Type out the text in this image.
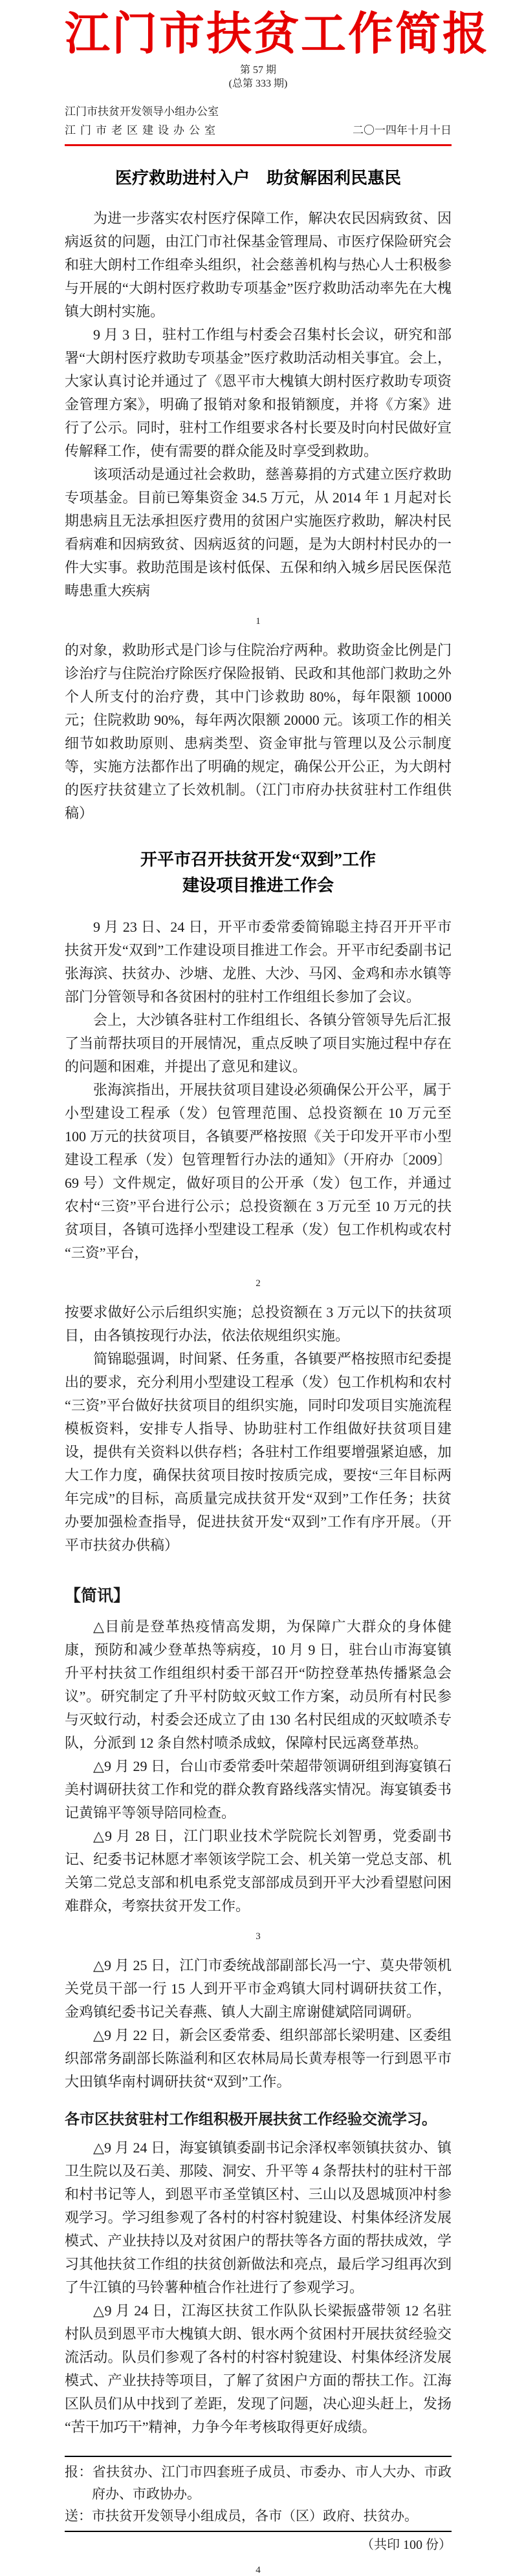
江门市扶贫工作简报
第 57 期
(总第 333 期)
江门市扶贫开发领导小组办公室
江门市老区建设办公室	二〇一四年十月十日
医疗救助进村入户　助贫解困利民惠民

为进一步落实农村医疗保障工作，解决农民因病致贫、因病返贫的问题，由江门市社保基金管理局、市医疗保险研究会和驻大朗村工作组牵头组织，社会慈善机构与热心人士积极参与开展的“大朗村医疗救助专项基金”医疗救助活动率先在大槐镇大朗村实施。

9 月 3 日，驻村工作组与村委会召集村长会议，研究和部署“大朗村医疗救助专项基金”医疗救助活动相关事宜。会上，大家认真讨论并通过了《恩平市大槐镇大朗村医疗救助专项资金管理方案》，明确了报销对象和报销额度，并将《方案》进行了公示。同时，驻村工作组要求各村长要及时向村民做好宣传解释工作，使有需要的群众能及时享受到救助。

该项活动是通过社会救助，慈善募捐的方式建立医疗救助专项基金。目前已筹集资金 34.5 万元，从 2014 年 1 月起对长期患病且无法承担医疗费用的贫困户实施医疗救助，解决村民看病难和因病致贫、因病返贫的问题，是为大朗村村民办的一件大实事。救助范围是该村低保、五保和纳入城乡居民医保范畴患重大疾病

1

的对象，救助形式是门诊与住院治疗两种。救助资金比例是门诊治疗与住院治疗除医疗保险报销、民政和其他部门救助之外个人所支付的治疗费，其中门诊救助 80%，每年限额 10000 元；住院救助 90%，每年两次限额 20000 元。该项工作的相关细节如救助原则、患病类型、资金审批与管理以及公示制度等，实施方法都作出了明确的规定，确保公开公正，为大朗村的医疗扶贫建立了长效机制。（江门市府办扶贫驻村工作组供稿）

开平市召开扶贫开发“双到”工作
建设项目推进工作会

9 月 23 日、24 日，开平市委常委简锦聪主持召开开平市扶贫开发“双到”工作建设项目推进工作会。开平市纪委副书记张海滨、扶贫办、沙塘、龙胜、大沙、马冈、金鸡和赤水镇等部门分管领导和各贫困村的驻村工作组组长参加了会议。

会上，大沙镇各驻村工作组组长、各镇分管领导先后汇报了当前帮扶项目的开展情况，重点反映了项目实施过程中存在的问题和困难，并提出了意见和建议。

张海滨指出，开展扶贫项目建设必须确保公开公平，属于小型建设工程承（发）包管理范围、总投资额在 10 万元至 100 万元的扶贫项目，各镇要严格按照《关于印发开平市小型建设工程承（发）包管理暂行办法的通知》（开府办〔2009〕69 号）文件规定，做好项目的公开承（发）包工作，并通过农村“三资”平台进行公示；总投资额在 3 万元至 10 万元的扶贫项目，各镇可选择小型建设工程承（发）包工作机构或农村“三资”平台，

2

按要求做好公示后组织实施；总投资额在 3 万元以下的扶贫项目，由各镇按现行办法，依法依规组织实施。

简锦聪强调，时间紧、任务重，各镇要严格按照市纪委提出的要求，充分利用小型建设工程承（发）包工作机构和农村“三资”平台做好扶贫项目的组织实施，同时印发项目实施流程模板资料，安排专人指导、协助驻村工作组做好扶贫项目建设，提供有关资料以供存档；各驻村工作组要增强紧迫感，加大工作力度，确保扶贫项目按时按质完成，要按“三年目标两年完成”的目标，高质量完成扶贫开发“双到”工作任务；扶贫办要加强检查指导，促进扶贫开发“双到”工作有序开展。（开平市扶贫办供稿）

【简讯】

△目前是登革热疫情高发期，为保障广大群众的身体健康，预防和减少登革热等病疫，10 月 9 日，驻台山市海宴镇升平村扶贫工作组组织村委干部召开“防控登革热传播紧急会议”。研究制定了升平村防蚊灭蚊工作方案，动员所有村民参与灭蚊行动，村委会还成立了由 130 名村民组成的灭蚊喷杀专队，分派到 12 条自然村喷杀成蚊，保障村民远离登革热。

△9 月 29 日，台山市委常委叶荣超带领调研组到海宴镇石美村调研扶贫工作和党的群众教育路线落实情况。海宴镇委书记黄锦平等领导陪同检查。

△9 月 28 日，江门职业技术学院院长刘智勇，党委副书记、纪委书记林愿才率领该学院工会、机关第一党总支部、机关第二党总支部和机电系党支部部成员到开平大沙看望慰问困难群众，考察扶贫开发工作。

3

△9 月 25 日，江门市委统战部副部长冯一宁、莫央带领机关党员干部一行 15 人到开平市金鸡镇大同村调研扶贫工作，金鸡镇纪委书记关春燕、镇人大副主席谢健斌陪同调研。

△9 月 22 日，新会区委常委、组织部部长梁明建、区委组织部常务副部长陈溢利和区农林局局长黄寿根等一行到恩平市大田镇华南村调研扶贫“双到”工作。

各市区扶贫驻村工作组积极开展扶贫工作经验交流学习。

△9 月 24 日，海宴镇镇委副书记余泽权率领镇扶贫办、镇卫生院以及石美、那陵、洞安、升平等 4 条帮扶村的驻村干部和村书记等人，到恩平市圣堂镇区村、三山以及恩城顶冲村参观学习。学习组参观了各村的村容村貌建设、村集体经济发展模式、产业扶持以及对贫困户的帮扶等各方面的帮扶成效，学习其他扶贫工作组的扶贫创新做法和亮点，最后学习组再次到了牛江镇的马铃薯种植合作社进行了参观学习。

△9 月 24 日，江海区扶贫工作队队长梁振盛带领 12 名驻村队员到恩平市大槐镇大朗、银水两个贫困村开展扶贫经验交流活动。队员们参观了各村的村容村貌建设、村集体经济发展模式、产业扶持等项目，了解了贫困户方面的帮扶工作。江海区队员们从中找到了差距，发现了问题，决心迎头赶上，发扬“苦干加巧干”精神，力争今年考核取得更好成绩。

报：省扶贫办、江门市四套班子成员、市委办、市人大办、市政府办、市政协办。

送：市扶贫开发领导小组成员，各市（区）政府、扶贫办。

（共印 100 份）
4
